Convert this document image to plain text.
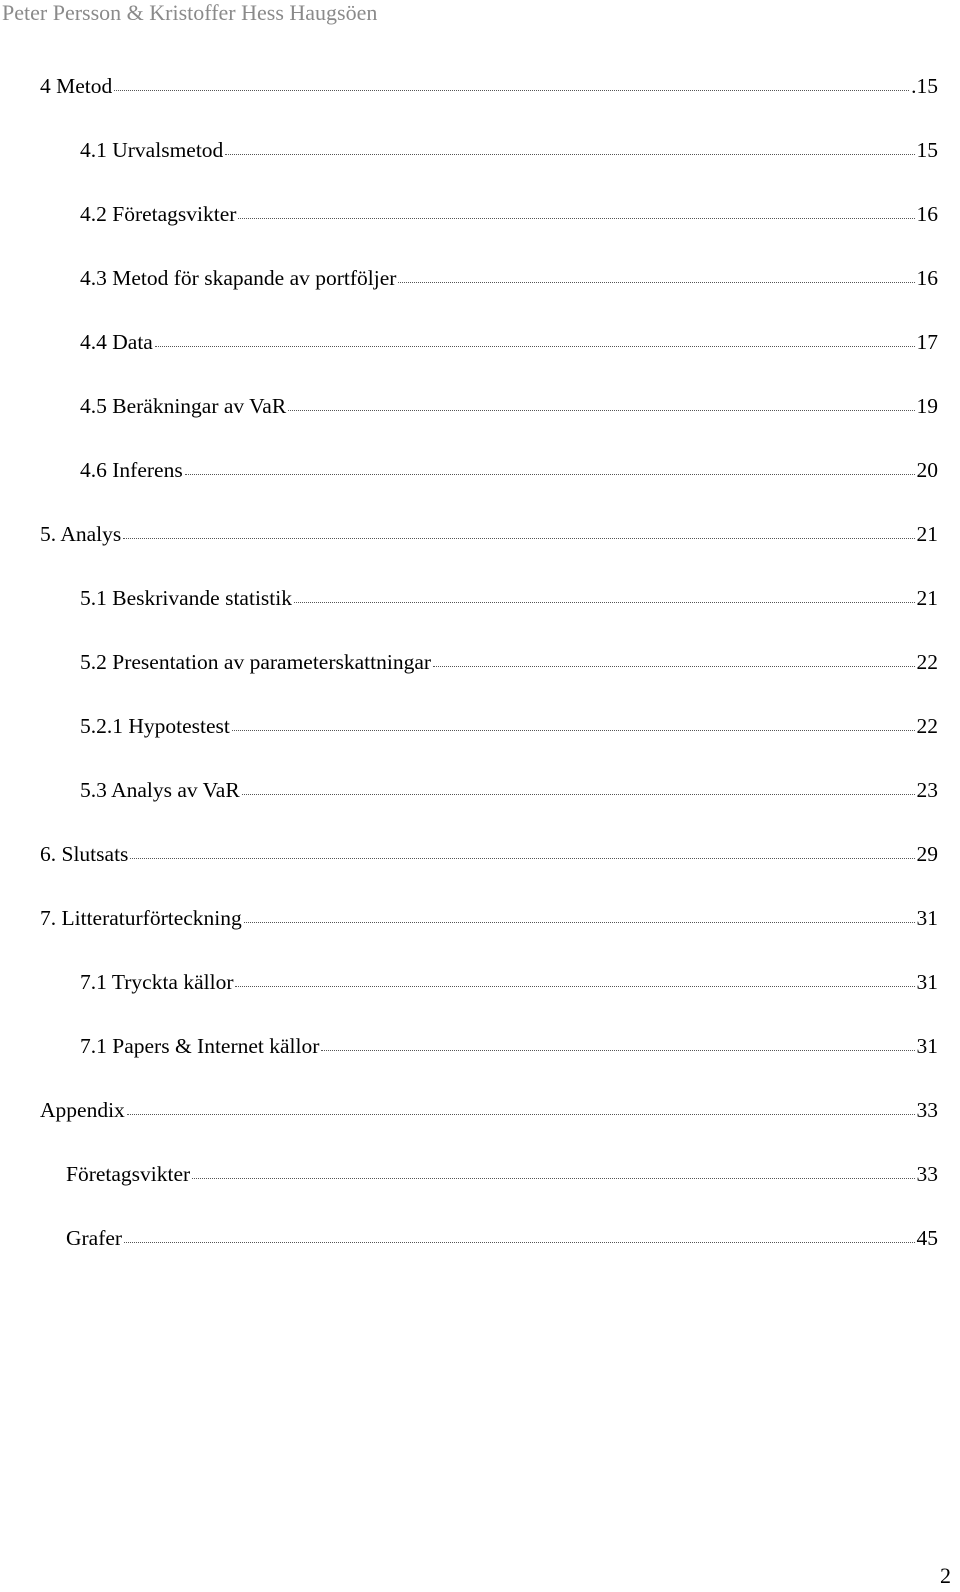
Peter Persson & Kristoffer Hess Haugsöen
4 Metod	.15
4.1 Urvalsmetod	15
4.2 Företagsvikter	16
4.3 Metod för skapande av portföljer	16
4.4 Data	17
4.5 Beräkningar av VaR	19
4.6 Inferens	20
5. Analys	21
5.1 Beskrivande statistik	21
5.2 Presentation av parameterskattningar	22
5.2.1 Hypotestest	22
5.3 Analys av VaR	23
6. Slutsats	29
7. Litteraturförteckning	31
7.1 Tryckta källor	31
7.1 Papers & Internet källor	31
Appendix	33
Företagsvikter	33
Grafer	45
2
